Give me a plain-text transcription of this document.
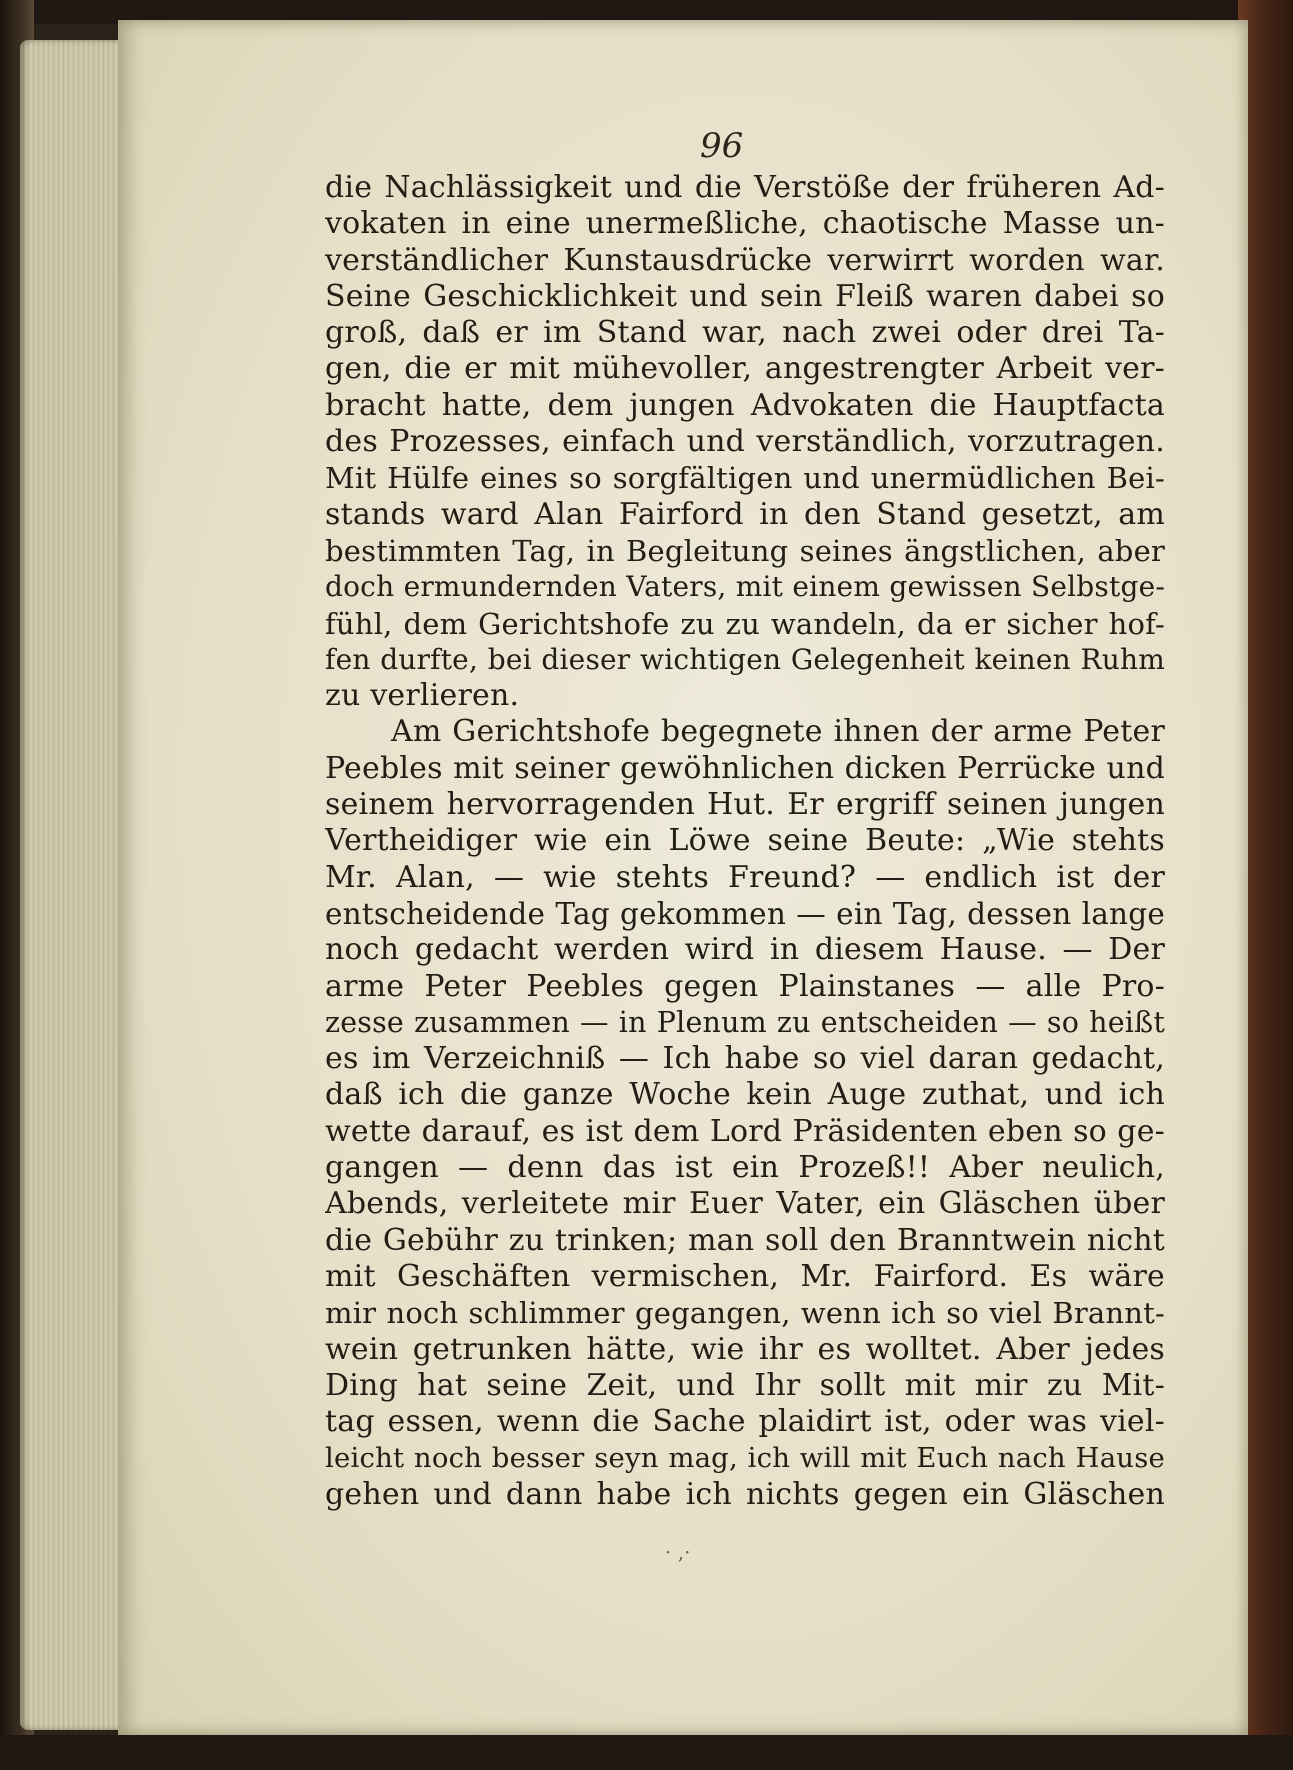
96
die Nachlässigkeit und die Verstöße der früheren Ad-
vokaten in eine unermeßliche, chaotische Masse un-
verständlicher Kunstausdrücke verwirrt worden war.
Seine Geschicklichkeit und sein Fleiß waren dabei so
groß, daß er im Stand war, nach zwei oder drei Ta-
gen, die er mit mühevoller, angestrengter Arbeit ver-
bracht hatte, dem jungen Advokaten die Hauptfacta
des Prozesses, einfach und verständlich, vorzutragen.
Mit Hülfe eines so sorgfältigen und unermüdlichen Bei-
stands ward Alan Fairford in den Stand gesetzt, am
bestimmten Tag, in Begleitung seines ängstlichen, aber
doch ermundernden Vaters, mit einem gewissen Selbstge-
fühl, dem Gerichtshofe zu zu wandeln, da er sicher hof-
fen durfte, bei dieser wichtigen Gelegenheit keinen Ruhm
zu verlieren.
Am Gerichtshofe begegnete ihnen der arme Peter
Peebles mit seiner gewöhnlichen dicken Perrücke und
seinem hervorragenden Hut. Er ergriff seinen jungen
Vertheidiger wie ein Löwe seine Beute: „Wie stehts
Mr. Alan, — wie stehts Freund? — endlich ist der
entscheidende Tag gekommen — ein Tag, dessen lange
noch gedacht werden wird in diesem Hause. — Der
arme Peter Peebles gegen Plainstanes — alle Pro-
zesse zusammen — in Plenum zu entscheiden — so heißt
es im Verzeichniß — Ich habe so viel daran gedacht,
daß ich die ganze Woche kein Auge zuthat, und ich
wette darauf, es ist dem Lord Präsidenten eben so ge-
gangen — denn das ist ein Prozeß!! Aber neulich,
Abends, verleitete mir Euer Vater, ein Gläschen über
die Gebühr zu trinken; man soll den Branntwein nicht
mit Geschäften vermischen, Mr. Fairford. Es wäre
mir noch schlimmer gegangen, wenn ich so viel Brannt-
wein getrunken hätte, wie ihr es wolltet. Aber jedes
Ding hat seine Zeit, und Ihr sollt mit mir zu Mit-
tag essen, wenn die Sache plaidirt ist, oder was viel-
leicht noch besser seyn mag, ich will mit Euch nach Hause
gehen und dann habe ich nichts gegen ein Gläschen
· ,·
